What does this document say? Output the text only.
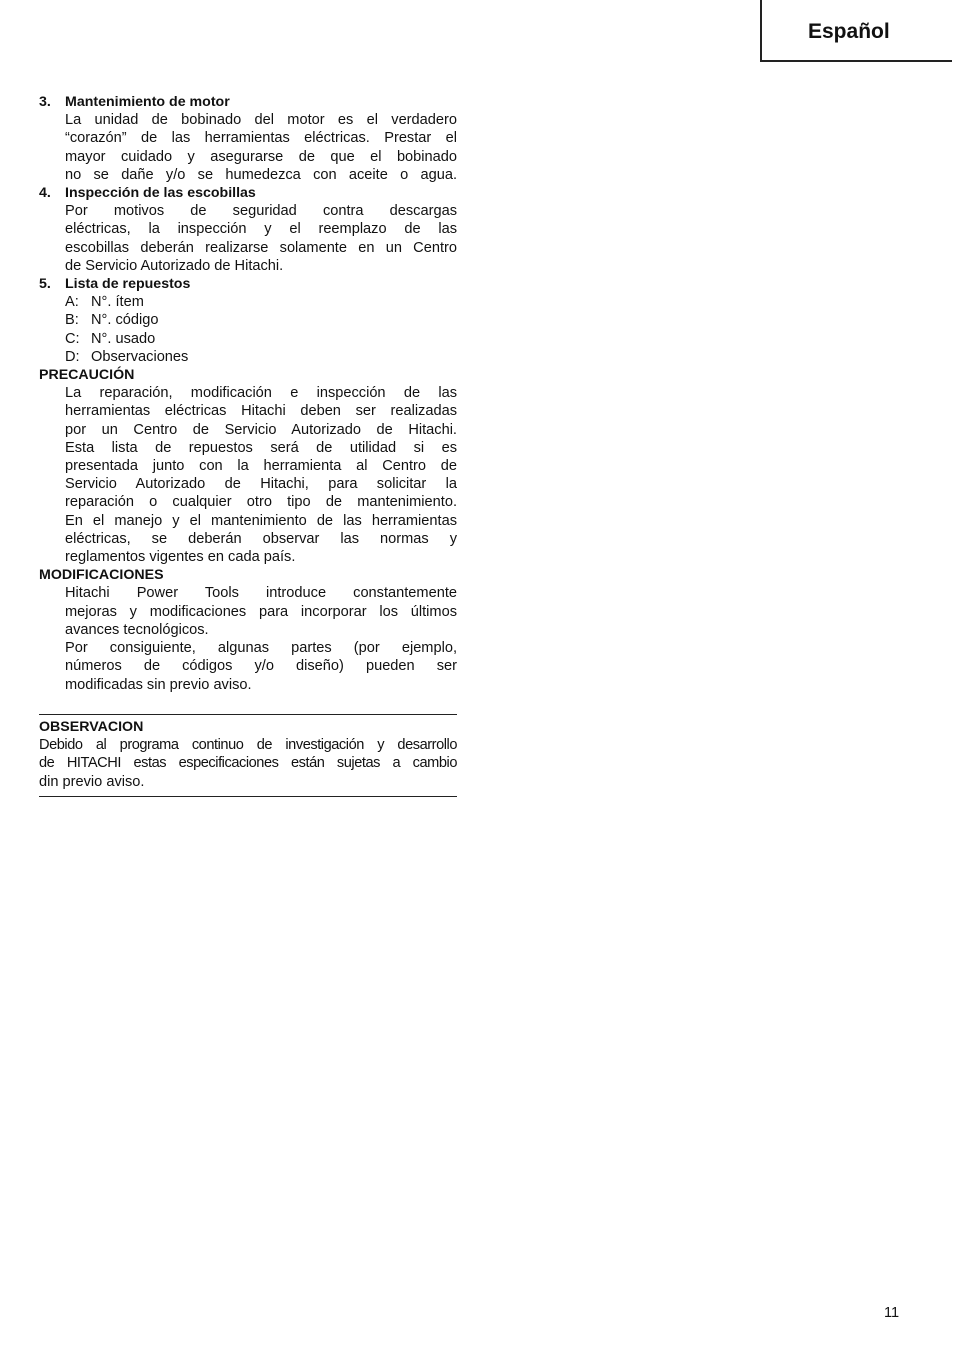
Español
3. Mantenimiento de motor
La unidad de bobinado del motor es el verdadero
“corazón” de las herramientas eléctricas. Prestar el
mayor cuidado y asegurarse de que el bobinado
no se dañe y/o se humedezca con aceite o agua.
4. Inspección de las escobillas
Por motivos de seguridad contra descargas
eléctricas, la inspección y el reemplazo de las
escobillas deberán realizarse solamente en un Centro
de Servicio Autorizado de Hitachi.
5. Lista de repuestos
A: N°. ítem
B: N°. código
C: N°. usado
D: Observaciones
PRECAUCIÓN
La reparación, modificación e inspección de las
herramientas eléctricas Hitachi deben ser realizadas
por un Centro de Servicio Autorizado de Hitachi.
Esta lista de repuestos será de utilidad si es
presentada junto con la herramienta al Centro de
Servicio Autorizado de Hitachi, para solicitar la
reparación o cualquier otro tipo de mantenimiento.
En el manejo y el mantenimiento de las herramientas
eléctricas, se deberán observar las normas y
reglamentos vigentes en cada país.
MODIFICACIONES
Hitachi Power Tools introduce constantemente
mejoras y modificaciones para incorporar los últimos
avances tecnológicos.
Por consiguiente, algunas partes (por ejemplo,
números de códigos y/o diseño) pueden ser
modificadas sin previo aviso.
OBSERVACION
Debido al programa continuo de investigación y desarrollo
de HITACHI estas especificaciones están sujetas a cambio
din previo aviso.
11
